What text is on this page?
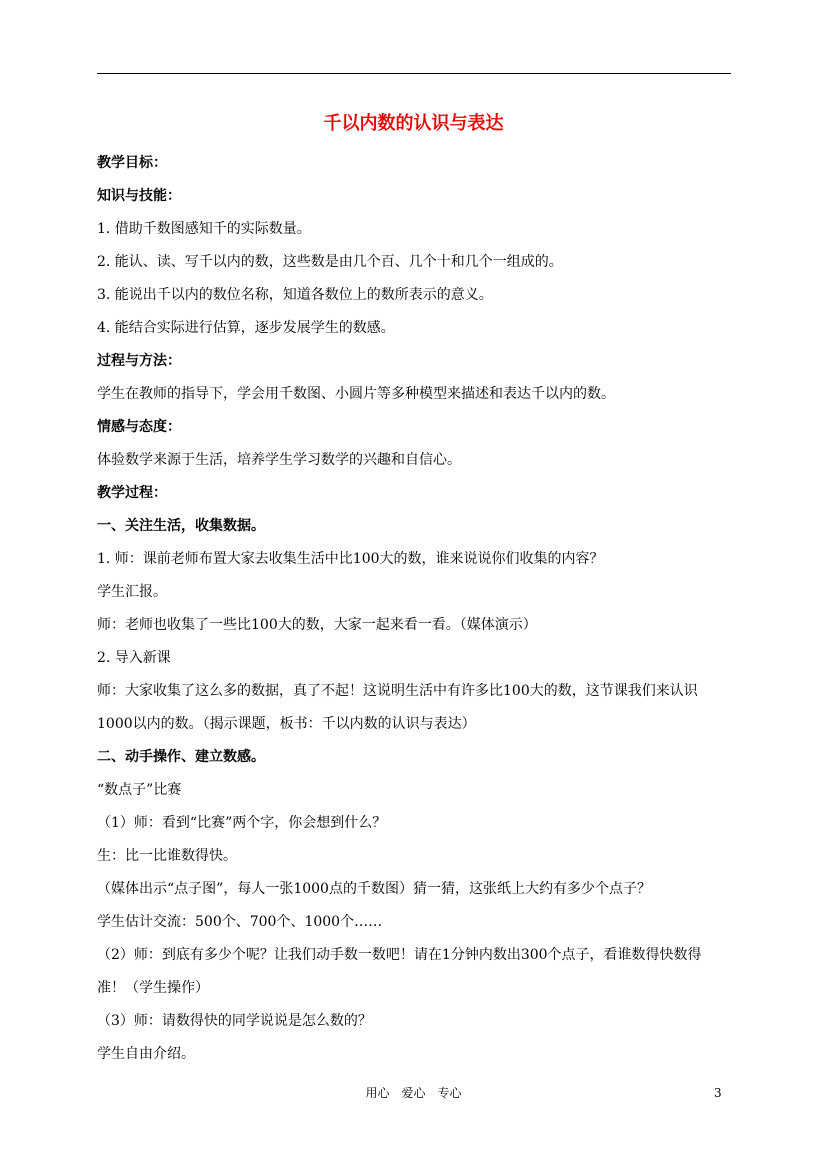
千以内数的认识与表达

教学目标：

知识与技能：

1. 借助千数图感知千的实际数量。

2. 能认、读、写千以内的数，这些数是由几个百、几个十和几个一组成的。

3. 能说出千以内的数位名称，知道各数位上的数所表示的意义。

4. 能结合实际进行估算，逐步发展学生的数感。

过程与方法：

学生在教师的指导下，学会用千数图、小圆片等多种模型来描述和表达千以内的数。

情感与态度：

体验数学来源于生活，培养学生学习数学的兴趣和自信心。

教学过程：

一、关注生活，收集数据。

1. 师：课前老师布置大家去收集生活中比100大的数，谁来说说你们收集的内容？

学生汇报。

师：老师也收集了一些比100大的数，大家一起来看一看。（媒体演示）

2. 导入新课

师：大家收集了这么多的数据，真了不起！这说明生活中有许多比100大的数，这节课我们来认识

1000以内的数。（揭示课题，板书：千以内数的认识与表达）

二、动手操作、建立数感。

“数点子”比赛

（1）师：看到“比赛”两个字，你会想到什么？

生：比一比谁数得快。

（媒体出示“点子图”，每人一张1000点的千数图）猜一猜，这张纸上大约有多少个点子？

学生估计交流：500个、700个、1000个……

（2）师：到底有多少个呢？让我们动手数一数吧！请在1分钟内数出300个点子，看谁数得快数得

准！（学生操作）

（3）师：请数得快的同学说说是怎么数的？

学生自由介绍。

用心　爱心　专心	3
